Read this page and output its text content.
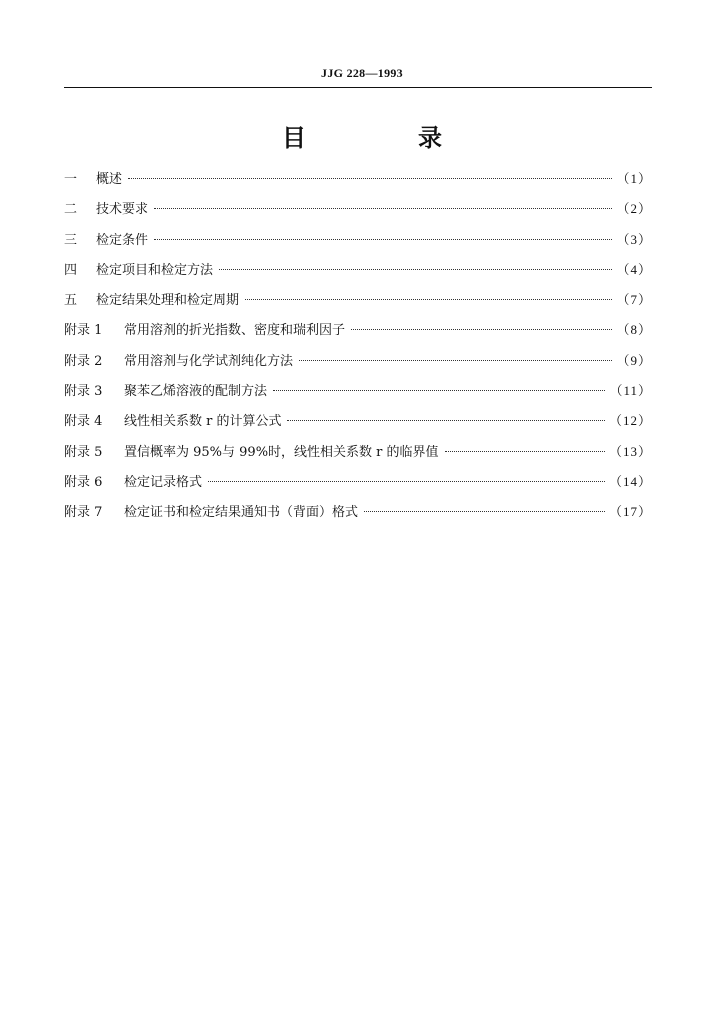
JJG 228—1993
目　录
一	概述	（1）
二	技术要求	（2）
三	检定条件	（3）
四	检定项目和检定方法	（4）
五	检定结果处理和检定周期	（7）
附录 1	常用溶剂的折光指数、密度和瑞利因子	（8）
附录 2	常用溶剂与化学试剂纯化方法	（9）
附录 3	聚苯乙烯溶液的配制方法	（11）
附录 4	线性相关系数 r 的计算公式	（12）
附录 5	置信概率为 95%与 99%时，线性相关系数 r 的临界值	（13）
附录 6	检定记录格式	（14）
附录 7	检定证书和检定结果通知书（背面）格式	（17）
